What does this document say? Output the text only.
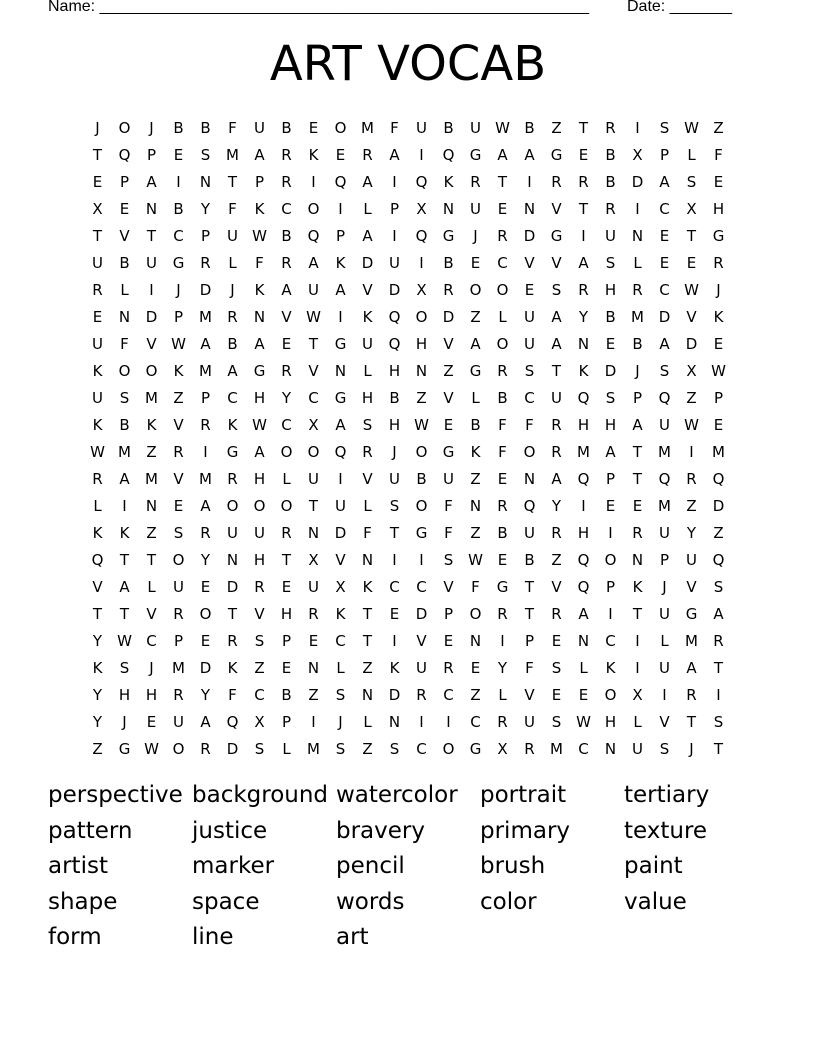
Name: _______________________________________________________ Date: _______
ART VOCAB
J	O	J	B	B	F	U	B	E	O M	F	U	B	U W B	Z	T	R	I	S W Z
T	Q	P	E	S	M	A	R	K	E	R	A	I	Q	G	A	A	G	E	B	X	P	L	F
E	P	A	I	N	T	P	R	I	Q	A	I	Q	K	R	T	I	R	R	B	D	A	S	E
X	E	N	B	Y	F	K	C	O	I	L	P	X	N	U	E	N	V	T	R	I	C	X	H
T	V	T	C	P	U W B	Q	P	A	I	Q	G	J	R	D	G	I	U	N	E	T	G
U	B	U	G	R	L	F	R	A	K	D	U	I	B	E	C	V	V	A	S	L	E	E	R
R	L	I	J	D	J	K	A	U	A	V	D	X	R	O	O	E	S	R	H	R	C W	J
E	N	D	P	M	R	N	V W	I	K	Q	O	D	Z	L	U	A	Y	B	M D	V	K
U	F	V W A	B	A	E	T	G	U	Q	H	V	A	O	U	A	N	E	B	A	D	E
K	O	O	K	M	A	G	R	V	N	L	H	N	Z	G	R	S	T	K	D	J	S	X W
U	S	M	Z	P	C	H	Y	C	G	H	B	Z	V	L	B	C	U	Q	S	P	Q	Z	P
K	B	K	V	R	K W C	X	A	S	H W E	B	F	F	R	H	H	A	U W E
W M	Z	R	I	G	A	O	O	Q	R	J	O	G	K	F	O	R	M	A	T	M	I	M
R	A	M	V	M	R	H	L	U	I	V	U	B	U	Z	E	N	A	Q	P	T	Q	R	Q
L	I	N	E	A	O	O	O	T	U	L	S	O	F	N	R	Q	Y	I	E	E	M	Z	D
K	K	Z	S	R	U	U	R	N	D	F	T	G	F	Z	B	U	R	H	I	R	U	Y	Z
Q	T	T	O	Y	N	H	T	X	V	N	I	I	S W E	B	Z	Q	O	N	P	U	Q
V	A	L	U	E	D	R	E	U	X	K	C	C	V	F	G	T	V	Q	P	K	J	V	S
T	T	V	R	O	T	V	H	R	K	T	E	D	P	O	R	T	R	A	I	T	U	G	A
Y	W C	P	E	R	S	P	E	C	T	I	V	E	N	I	P	E	N	C	I	L	M	R
K	S	J	M D	K	Z	E	N	L	Z	K	U	R	E	Y	F	S	L	K	I	U	A	T
Y	H	H	R	Y	F	C	B	Z	S	N	D	R	C	Z	L	V	E	E	O	X	I	R	I
Y	J	E	U	A	Q	X	P	I	J	L	N	I	I	C	R	U	S W H	L	V	T	S
Z	G W O	R	D	S	L	M	S	Z	S	C	O	G	X	R	M	C	N	U	S	J	T
perspective background watercolor portrait	tertiary
pattern	justice	bravery	primary	texture
artist	marker	pencil	brush	paint
shape	space	words	color	value
form	line	art
